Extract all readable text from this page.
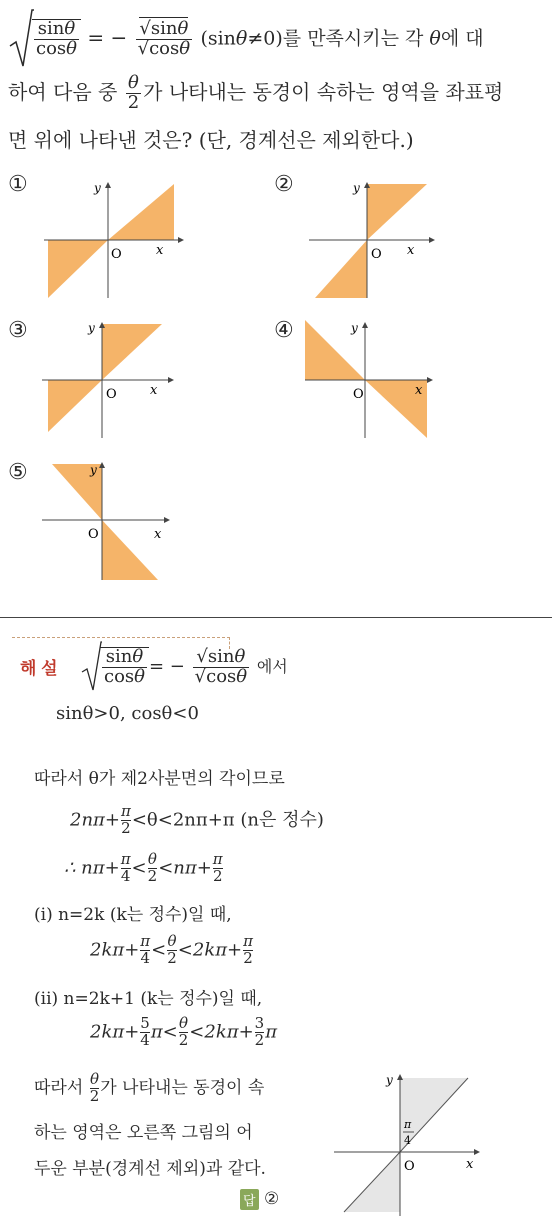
$\frac{\sin\theta}{\cos\theta}$ = − $\frac{√\sin\theta}{√\cos\theta} (\sin\theta\ne 0)$를 만족시키는 각 θ에 대
하여 다음 중 $\frac{\theta}{2}$ 가 나타내는 동경이 속하는 영역을 좌표평
면 위에 나타낸 것은? (단, 경계선은 제외한다.)
①
O	x
y	②
O x
y
③
O	x
y	④
O	x
y
⑤
O	x
y
해 설 $\frac{\sin\theta}{\cos\theta}$ = − $\frac{√\sin\theta}{√\cos\theta}$ 에서
sinθ>0, cosθ<0
따라서 θ가 제2사분면의 각이므로
$2n\pi+ \frac{\pi}{2} <\theta<2n\pi+\pi$ (n은 정수)
∴ $n\pi+ \frac{\pi}{4} < \frac{\theta}{2} <n\pi+ \frac{\pi}{2}$
(i) n=2k (k는 정수)일 때,
$2k\pi+ \frac{\pi}{4} < \frac{\theta}{2} <2k\pi+ \frac{\pi}{2}$
(ii) n=2k+1 (k는 정수)일 때,
$2k\pi+ \frac{5}{4} \pi< \frac{\theta}{2} <2k\pi+ \frac{3}{2}$ π
따라서 $\frac{\theta}{2}$ 가 나타내는 동경이 속
하는 영역은 오른쪽 그림의 어
두운 부분(경계선 제외)과 같다.
답 ②
O	x
y
π
4
